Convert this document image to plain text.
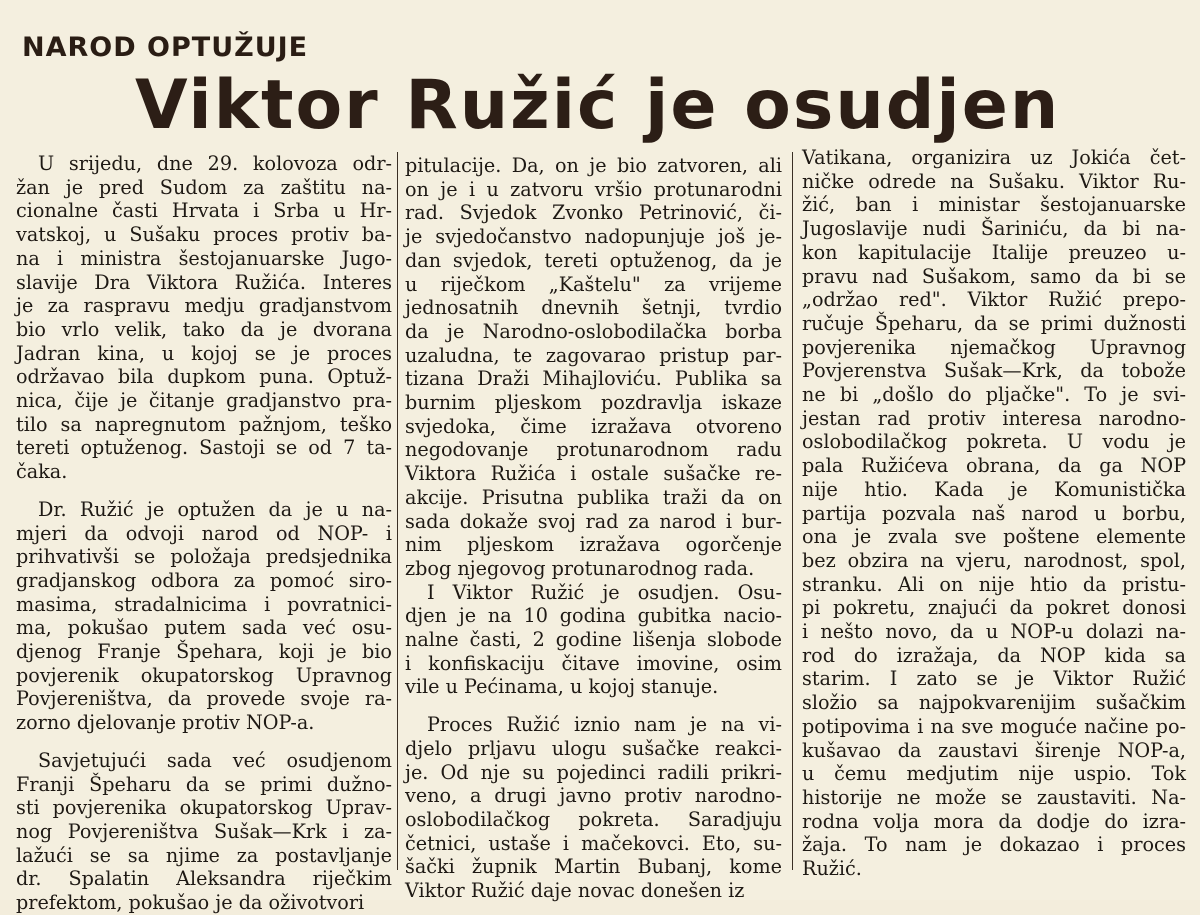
NAROD OPTUŽUJE
Viktor Ružić je osudjen
U srijedu, dne 29. kolovoza odr-
žan je pred Sudom za zaštitu na-
cionalne časti Hrvata i Srba u Hr-
vatskoj, u Sušaku proces protiv ba-
na i ministra šestojanuarske Jugo-
slavije Dra Viktora Ružića. Interes
je za raspravu medju gradjanstvom
bio vrlo velik, tako da je dvorana
Jadran kina, u kojoj se je proces
održavao bila dupkom puna. Optuž-
nica, čije je čitanje gradjanstvo pra-
tilo sa napregnutom pažnjom, teško
tereti optuženog. Sastoji se od 7 ta-
čaka.
Dr. Ružić je optužen da je u na-
mjeri da odvoji narod od NOP- i
prihvativši se položaja predsjednika
gradjanskog odbora za pomoć siro-
masima, stradalnicima i povratnici-
ma, pokušao putem sada već osu-
djenog Franje Špehara, koji je bio
povjerenik okupatorskog Upravnog
Povjereništva, da provede svoje ra-
zorno djelovanje protiv NOP-a.
Savjetujući sada već osudjenom
Franji Špeharu da se primi dužno-
sti povjerenika okupatorskog Uprav-
nog Povjereništva Sušak—Krk i za-
lažući se sa njime za postavljanje
dr. Spalatin Aleksandra riječkim
prefektom, pokušao je da oživotvori
pitulacije. Da, on je bio zatvoren, ali
on je i u zatvoru vršio protunarodni
rad. Svjedok Zvonko Petrinović, či-
je svjedočanstvo nadopunjuje još je-
dan svjedok, tereti optuženog, da je
u riječkom „Kaštelu" za vrijeme
jednosatnih dnevnih šetnji, tvrdio
da je Narodno-oslobodilačka borba
uzaludna, te zagovarao pristup par-
tizana Draži Mihajloviću. Publika sa
burnim pljeskom pozdravlja iskaze
svjedoka, čime izražava otvoreno
negodovanje protunarodnom radu
Viktora Ružića i ostale sušačke re-
akcije. Prisutna publika traži da on
sada dokaže svoj rad za narod i bur-
nim pljeskom izražava ogorčenje
zbog njegovog protunarodnog rada.
I Viktor Ružić je osudjen. Osu-
djen je na 10 godina gubitka nacio-
nalne časti, 2 godine lišenja slobode
i konfiskaciju čitave imovine, osim
vile u Pećinama, u kojoj stanuje.
Proces Ružić iznio nam je na vi-
djelo prljavu ulogu sušačke reakci-
je. Od nje su pojedinci radili prikri-
veno, a drugi javno protiv narodno-
oslobodilačkog pokreta. Saradjuju
četnici, ustaše i mačekovci. Eto, su-
šački župnik Martin Bubanj, kome
Viktor Ružić daje novac donešen iz
Vatikana, organizira uz Jokića čet-
ničke odrede na Sušaku. Viktor Ru-
žić, ban i ministar šestojanuarske
Jugoslavije nudi Šariniću, da bi na-
kon kapitulacije Italije preuzeo u-
pravu nad Sušakom, samo da bi se
„održao red". Viktor Ružić prepo-
ručuje Špeharu, da se primi dužnosti
povjerenika njemačkog Upravnog
Povjerenstva Sušak—Krk, da tobože
ne bi „došlo do pljačke". To je svi-
jestan rad protiv interesa narodno-
oslobodilačkog pokreta. U vodu je
pala Ružićeva obrana, da ga NOP
nije htio. Kada je Komunistička
partija pozvala naš narod u borbu,
ona je zvala sve poštene elemente
bez obzira na vjeru, narodnost, spol,
stranku. Ali on nije htio da pristu-
pi pokretu, znajući da pokret donosi
i nešto novo, da u NOP-u dolazi na-
rod do izražaja, da NOP kida sa
starim. I zato se je Viktor Ružić
složio sa najpokvarenijim sušačkim
potipovima i na sve moguće načine po-
kušavao da zaustavi širenje NOP-a,
u čemu medjutim nije uspio. Tok
historije ne može se zaustaviti. Na-
rodna volja mora da dodje do izra-
žaja. To nam je dokazao i proces
Ružić.
